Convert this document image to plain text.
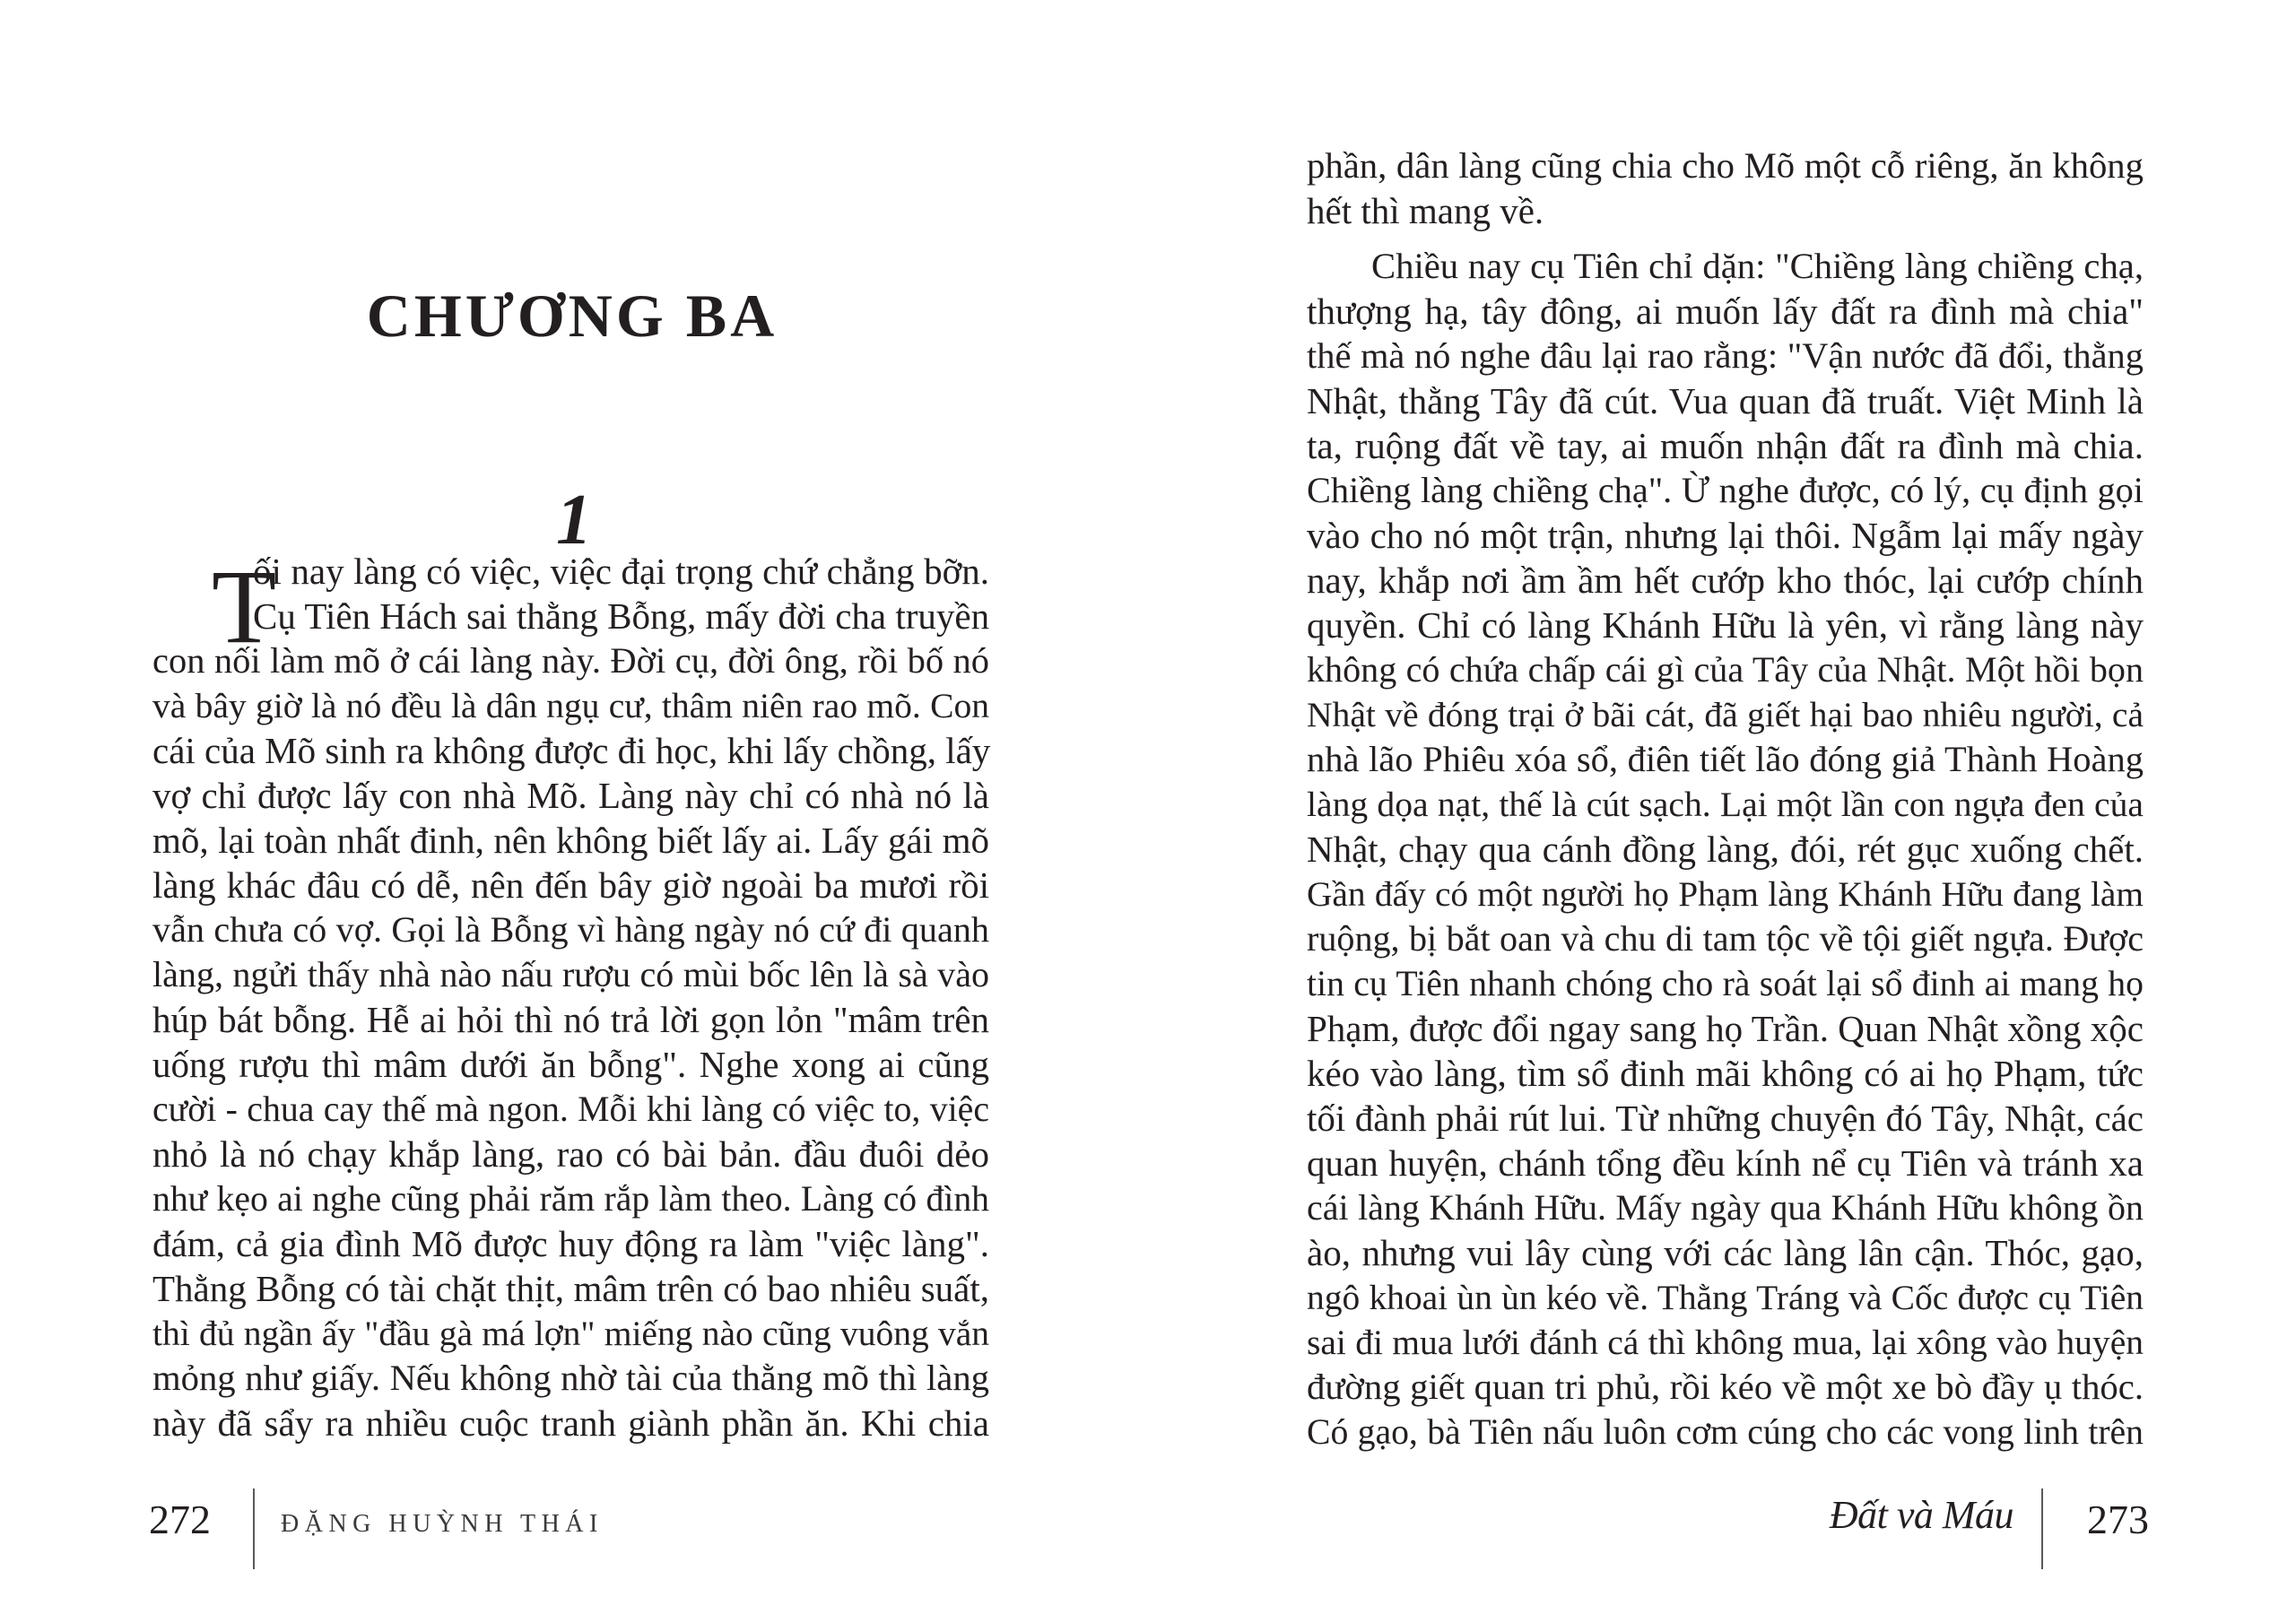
CHƯƠNG BA
1
T
ối nay làng có việc, việc đại trọng chứ chẳng bỡn.
Cụ Tiên Hách sai thằng Bỗng, mấy đời cha truyền
con nối làm mõ ở cái làng này. Đời cụ, đời ông, rồi bố nó
và bây giờ là nó đều là dân ngụ cư, thâm niên rao mõ. Con
cái của Mõ sinh ra không được đi học, khi lấy chồng, lấy
vợ chỉ được lấy con nhà Mõ. Làng này chỉ có nhà nó là
mõ, lại toàn nhất đinh, nên không biết lấy ai. Lấy gái mõ
làng khác đâu có dễ, nên đến bây giờ ngoài ba mươi rồi
vẫn chưa có vợ. Gọi là Bỗng vì hàng ngày nó cứ đi quanh
làng, ngửi thấy nhà nào nấu rượu có mùi bốc lên là sà vào
húp bát bỗng. Hễ ai hỏi thì nó trả lời gọn lỏn "mâm trên
uống rượu thì mâm dưới ăn bỗng". Nghe xong ai cũng
cười - chua cay thế mà ngon. Mỗi khi làng có việc to, việc
nhỏ là nó chạy khắp làng, rao có bài bản. đầu đuôi dẻo
như kẹo ai nghe cũng phải răm rắp làm theo. Làng có đình
đám, cả gia đình Mõ được huy động ra làm "việc làng".
Thằng Bỗng có tài chặt thịt, mâm trên có bao nhiêu suất,
thì đủ ngần ấy "đầu gà má lợn" miếng nào cũng vuông vắn
mỏng như giấy. Nếu không nhờ tài của thằng mõ thì làng
này đã sẩy ra nhiều cuộc tranh giành phần ăn. Khi chia
272	ĐẶNG HUỲNH THÁI
phần, dân làng cũng chia cho Mõ một cỗ riêng, ăn không
hết thì mang về.
Chiều nay cụ Tiên chỉ dặn: "Chiềng làng chiềng chạ,
thượng hạ, tây đông, ai muốn lấy đất ra đình mà chia"
thế mà nó nghe đâu lại rao rằng: "Vận nước đã đổi, thằng
Nhật, thằng Tây đã cút. Vua quan đã truất. Việt Minh là
ta, ruộng đất về tay, ai muốn nhận đất ra đình mà chia.
Chiềng làng chiềng chạ". Ừ nghe được, có lý, cụ định gọi
vào cho nó một trận, nhưng lại thôi. Ngẫm lại mấy ngày
nay, khắp nơi ầm ầm hết cướp kho thóc, lại cướp chính
quyền. Chỉ có làng Khánh Hữu là yên, vì rằng làng này
không có chứa chấp cái gì của Tây của Nhật. Một hồi bọn
Nhật về đóng trại ở bãi cát, đã giết hại bao nhiêu người, cả
nhà lão Phiêu xóa sổ, điên tiết lão đóng giả Thành Hoàng
làng dọa nạt, thế là cút sạch. Lại một lần con ngựa đen của
Nhật, chạy qua cánh đồng làng, đói, rét gục xuống chết.
Gần đấy có một người họ Phạm làng Khánh Hữu đang làm
ruộng, bị bắt oan và chu di tam tộc về tội giết ngựa. Được
tin cụ Tiên nhanh chóng cho rà soát lại sổ đinh ai mang họ
Phạm, được đổi ngay sang họ Trần. Quan Nhật xồng xộc
kéo vào làng, tìm sổ đinh mãi không có ai họ Phạm, tức
tối đành phải rút lui. Từ những chuyện đó Tây, Nhật, các
quan huyện, chánh tổng đều kính nể cụ Tiên và tránh xa
cái làng Khánh Hữu. Mấy ngày qua Khánh Hữu không ồn
ào, nhưng vui lây cùng với các làng lân cận. Thóc, gạo,
ngô khoai ùn ùn kéo về. Thằng Tráng và Cốc được cụ Tiên
sai đi mua lưới đánh cá thì không mua, lại xông vào huyện
đường giết quan tri phủ, rồi kéo về một xe bò đầy ụ thóc.
Có gạo, bà Tiên nấu luôn cơm cúng cho các vong linh trên
Đất và Máu 273
